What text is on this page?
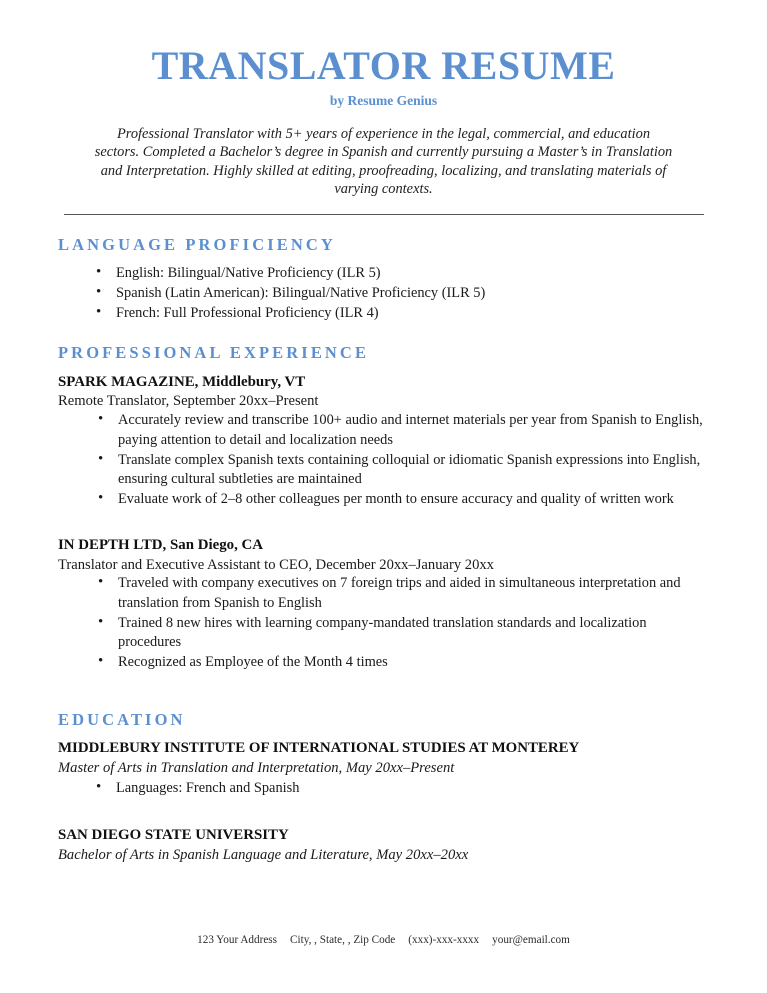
TRANSLATOR RESUME
by Resume Genius

Professional Translator with 5+ years of experience in the legal, commercial, and education sectors. Completed a Bachelor’s degree in Spanish and currently pursuing a Master’s in Translation and Interpretation. Highly skilled at editing, proofreading, localizing, and translating materials of varying contexts.

LANGUAGE PROFICIENCY
• English: Bilingual/Native Proficiency (ILR 5)
• Spanish (Latin American): Bilingual/Native Proficiency (ILR 5)
• French: Full Professional Proficiency (ILR 4)
PROFESSIONAL EXPERIENCE
SPARK MAGAZINE, Middlebury, VT
Remote Translator, September 20xx–Present
• Accurately review and transcribe 100+ audio and internet materials per year from Spanish to English, paying attention to detail and localization needs
• Translate complex Spanish texts containing colloquial or idiomatic Spanish expressions into English, ensuring cultural subtleties are maintained
• Evaluate work of 2–8 other colleagues per month to ensure accuracy and quality of written work
IN DEPTH LTD, San Diego, CA
Translator and Executive Assistant to CEO, December 20xx–January 20xx
• Traveled with company executives on 7 foreign trips and aided in simultaneous interpretation and translation from Spanish to English
• Trained 8 new hires with learning company-mandated translation standards and localization procedures
• Recognized as Employee of the Month 4 times
EDUCATION
MIDDLEBURY INSTITUTE OF INTERNATIONAL STUDIES AT MONTEREY
Master of Arts in Translation and Interpretation, May 20xx–Present
• Languages: French and Spanish
SAN DIEGO STATE UNIVERSITY
Bachelor of Arts in Spanish Language and Literature, May 20xx–20xx
123 Your Address City, , State, , Zip Code (xxx)-xxx-xxxx your@email.com
